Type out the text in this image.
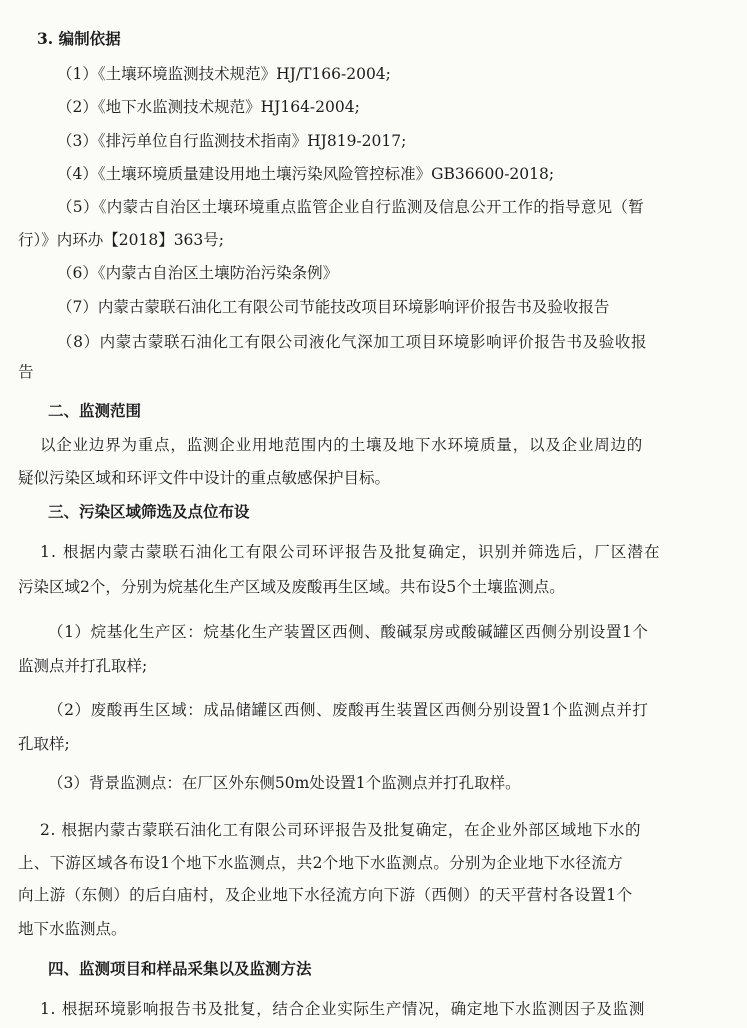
3. 编制依据
（1）《土壤环境监测技术规范》HJ/T166-2004;
（2）《地下水监测技术规范》HJ164-2004;
（3）《排污单位自行监测技术指南》HJ819-2017;
（4）《土壤环境质量建设用地土壤污染风险管控标准》GB36600-2018;
（5）《内蒙古自治区土壤环境重点监管企业自行监测及信息公开工作的指导意见（暂
行）》内环办【2018】363号;
（6）《内蒙古自治区土壤防治污染条例》
（7）内蒙古蒙联石油化工有限公司节能技改项目环境影响评价报告书及验收报告
（8）内蒙古蒙联石油化工有限公司液化气深加工项目环境影响评价报告书及验收报
告
二、监测范围
以企业边界为重点，监测企业用地范围内的土壤及地下水环境质量，以及企业周边的
疑似污染区域和环评文件中设计的重点敏感保护目标。
三、污染区域筛选及点位布设
1. 根据内蒙古蒙联石油化工有限公司环评报告及批复确定，识别并筛选后，厂区潜在
污染区域2个，分别为烷基化生产区域及废酸再生区域。共布设5个土壤监测点。
（1）烷基化生产区：烷基化生产装置区西侧、酸碱泵房或酸碱罐区西侧分别设置1个
监测点并打孔取样;
（2）废酸再生区域：成品储罐区西侧、废酸再生装置区西侧分别设置1个监测点并打
孔取样;
（3）背景监测点：在厂区外东侧50m处设置1个监测点并打孔取样。
2. 根据内蒙古蒙联石油化工有限公司环评报告及批复确定，在企业外部区域地下水的
上、下游区域各布设1个地下水监测点，共2个地下水监测点。分别为企业地下水径流方
向上游（东侧）的后白庙村，及企业地下水径流方向下游（西侧）的天平营村各设置1个
地下水监测点。
四、监测项目和样品采集以及监测方法
1. 根据环境影响报告书及批复，结合企业实际生产情况，确定地下水监测因子及监测
